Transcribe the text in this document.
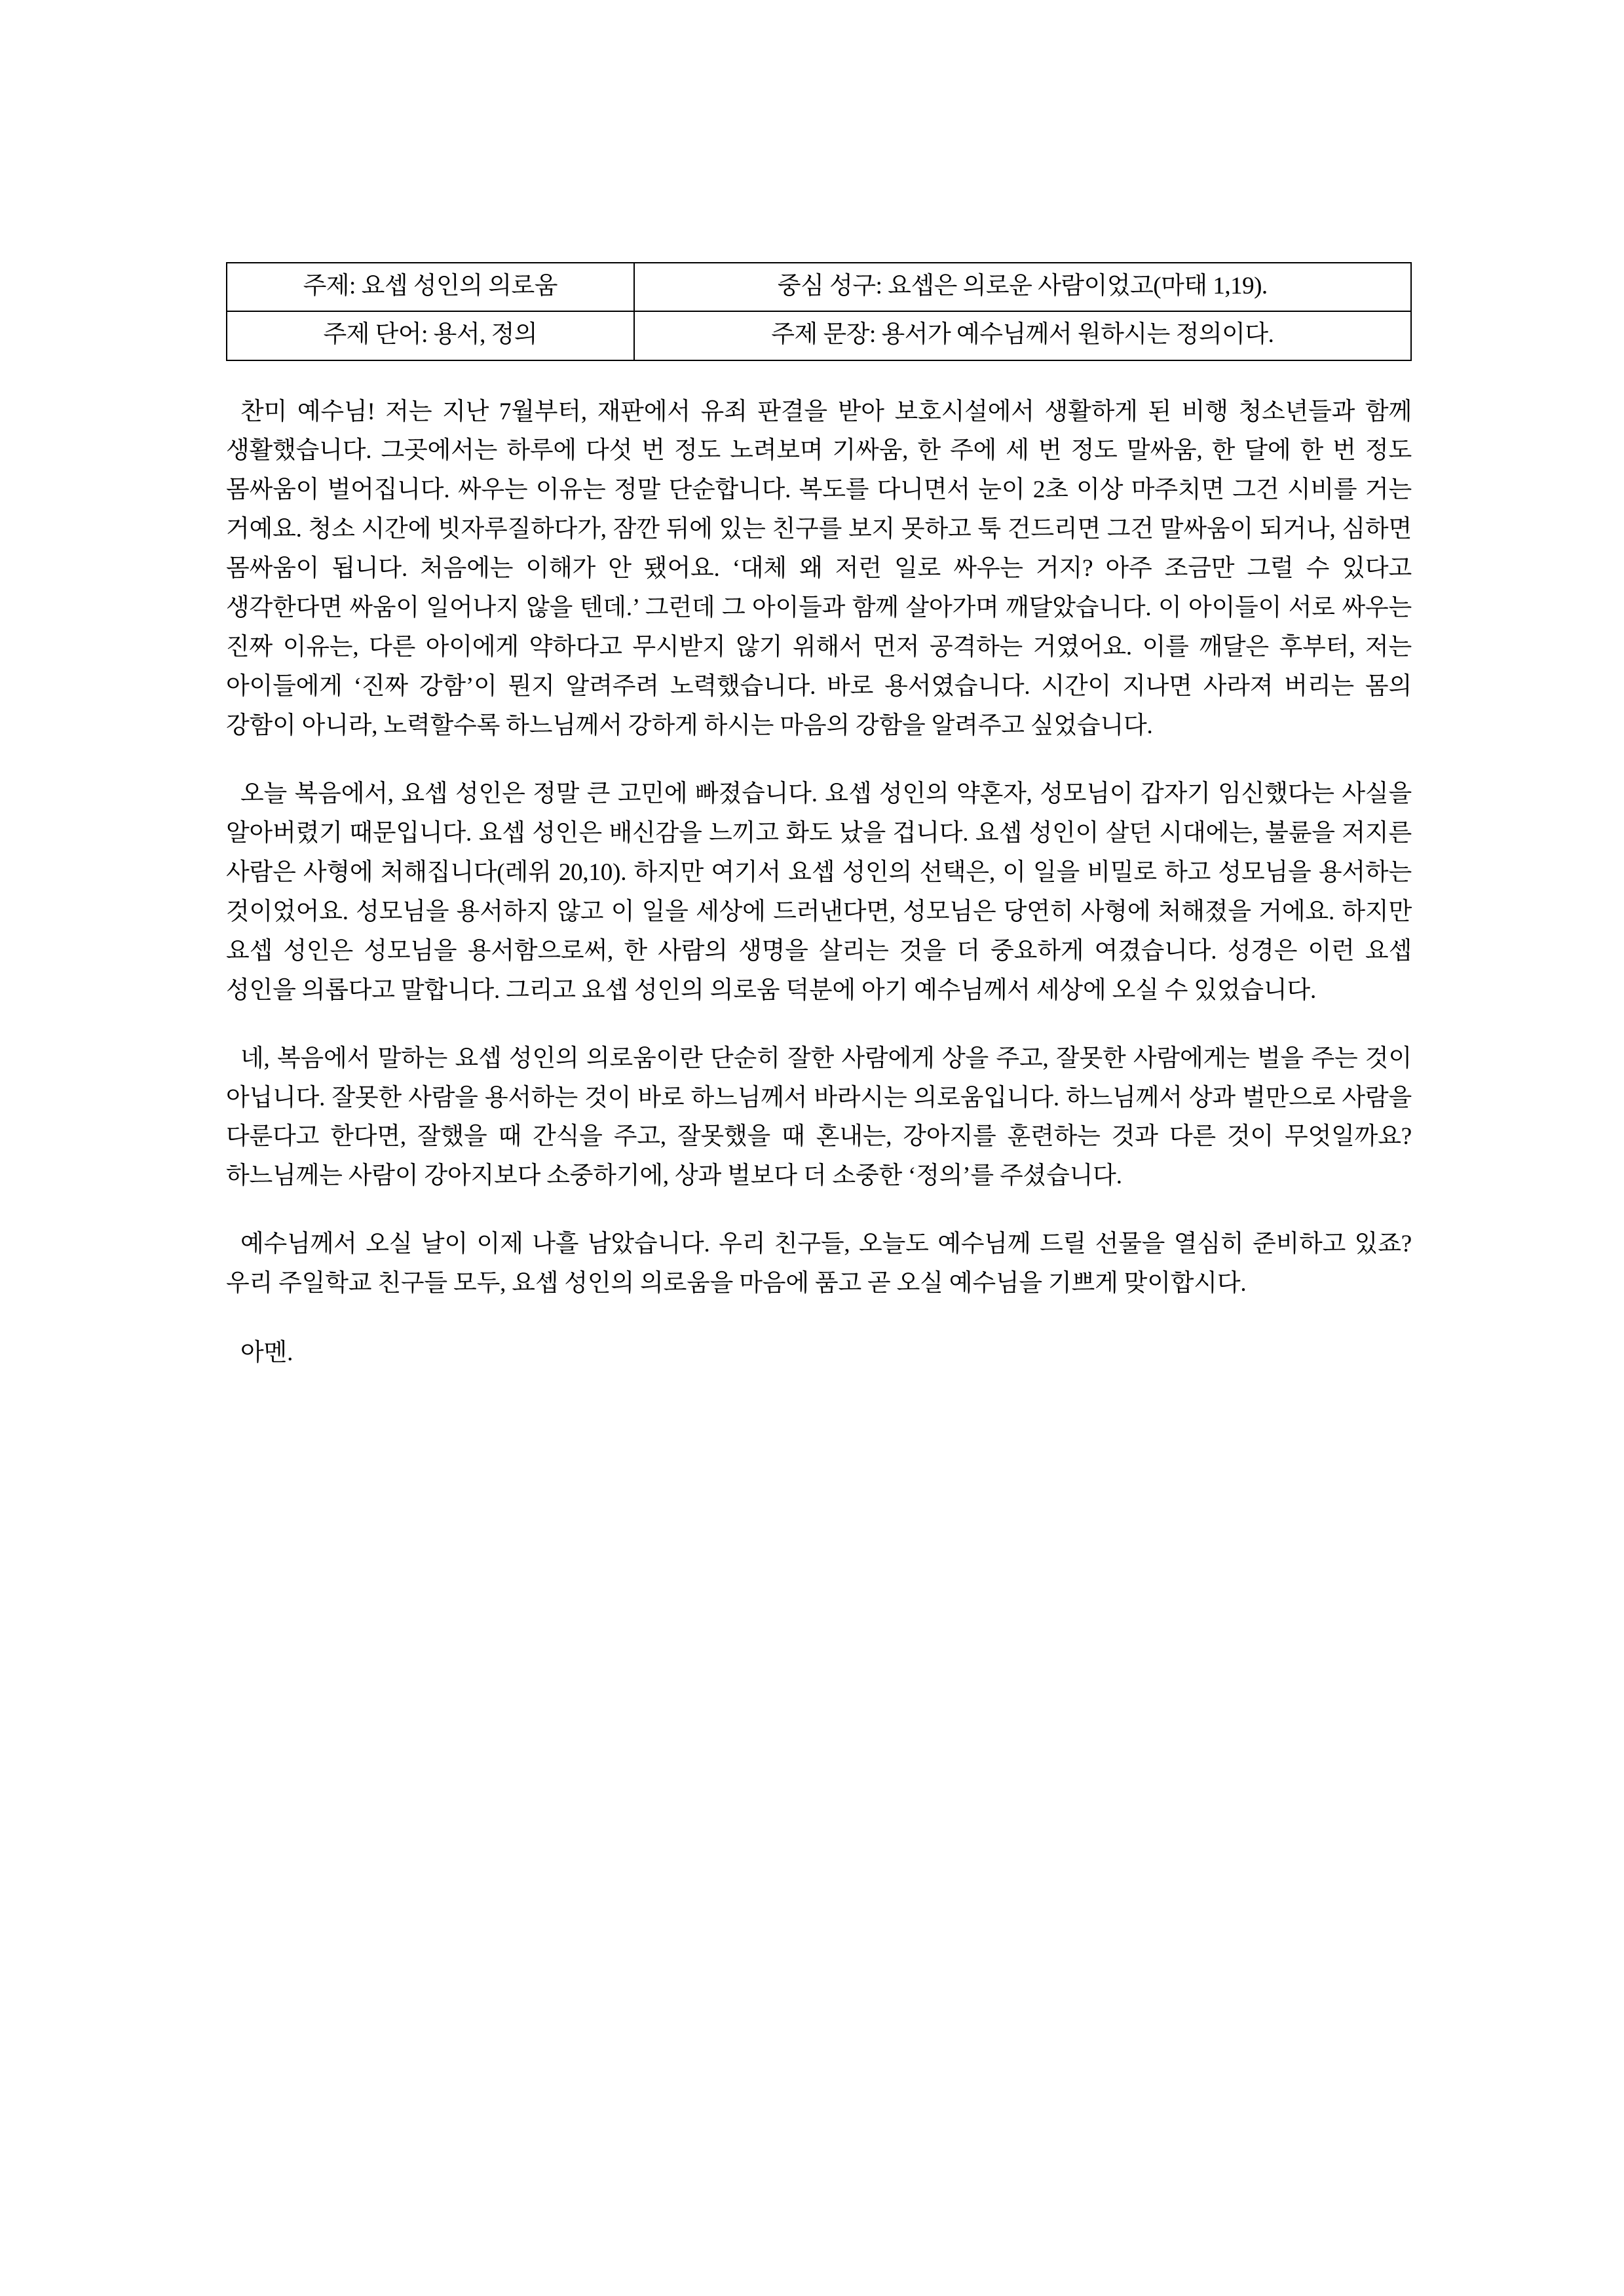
주제: 요셉 성인의 의로움	중심 성구: 요셉은 의로운 사람이었고(마태 1,19).
주제 단어: 용서, 정의	주제 문장: 용서가 예수님께서 원하시는 정의이다.

찬미 예수님! 저는 지난 7월부터, 재판에서 유죄 판결을 받아 보호시설에서 생활하게 된 비행 청소년들과 함께 생활했습니다. 그곳에서는 하루에 다섯 번 정도 노려보며 기싸움, 한 주에 세 번 정도 말싸움, 한 달에 한 번 정도 몸싸움이 벌어집니다. 싸우는 이유는 정말 단순합니다. 복도를 다니면서 눈이 2초 이상 마주치면 그건 시비를 거는 거예요. 청소 시간에 빗자루질하다가, 잠깐 뒤에 있는 친구를 보지 못하고 툭 건드리면 그건 말싸움이 되거나, 심하면 몸싸움이 됩니다. 처음에는 이해가 안 됐어요. ‘대체 왜 저런 일로 싸우는 거지? 아주 조금만 그럴 수 있다고 생각한다면 싸움이 일어나지 않을 텐데.’ 그런데 그 아이들과 함께 살아가며 깨달았습니다. 이 아이들이 서로 싸우는 진짜 이유는, 다른 아이에게 약하다고 무시받지 않기 위해서 먼저 공격하는 거였어요. 이를 깨달은 후부터, 저는 아이들에게 ‘진짜 강함’이 뭔지 알려주려 노력했습니다. 바로 용서였습니다. 시간이 지나면 사라져 버리는 몸의 강함이 아니라, 노력할수록 하느님께서 강하게 하시는 마음의 강함을 알려주고 싶었습니다.

오늘 복음에서, 요셉 성인은 정말 큰 고민에 빠졌습니다. 요셉 성인의 약혼자, 성모님이 갑자기 임신했다는 사실을 알아버렸기 때문입니다. 요셉 성인은 배신감을 느끼고 화도 났을 겁니다. 요셉 성인이 살던 시대에는, 불륜을 저지른 사람은 사형에 처해집니다(레위 20,10). 하지만 여기서 요셉 성인의 선택은, 이 일을 비밀로 하고 성모님을 용서하는 것이었어요. 성모님을 용서하지 않고 이 일을 세상에 드러낸다면, 성모님은 당연히 사형에 처해졌을 거에요. 하지만 요셉 성인은 성모님을 용서함으로써, 한 사람의 생명을 살리는 것을 더 중요하게 여겼습니다. 성경은 이런 요셉 성인을 의롭다고 말합니다. 그리고 요셉 성인의 의로움 덕분에 아기 예수님께서 세상에 오실 수 있었습니다.

네, 복음에서 말하는 요셉 성인의 의로움이란 단순히 잘한 사람에게 상을 주고, 잘못한 사람에게는 벌을 주는 것이 아닙니다. 잘못한 사람을 용서하는 것이 바로 하느님께서 바라시는 의로움입니다. 하느님께서 상과 벌만으로 사람을 다룬다고 한다면, 잘했을 때 간식을 주고, 잘못했을 때 혼내는, 강아지를 훈련하는 것과 다른 것이 무엇일까요? 하느님께는 사람이 강아지보다 소중하기에, 상과 벌보다 더 소중한 ‘정의’를 주셨습니다.

예수님께서 오실 날이 이제 나흘 남았습니다. 우리 친구들, 오늘도 예수님께 드릴 선물을 열심히 준비하고 있죠? 우리 주일학교 친구들 모두, 요셉 성인의 의로움을 마음에 품고 곧 오실 예수님을 기쁘게 맞이합시다.

아멘.
